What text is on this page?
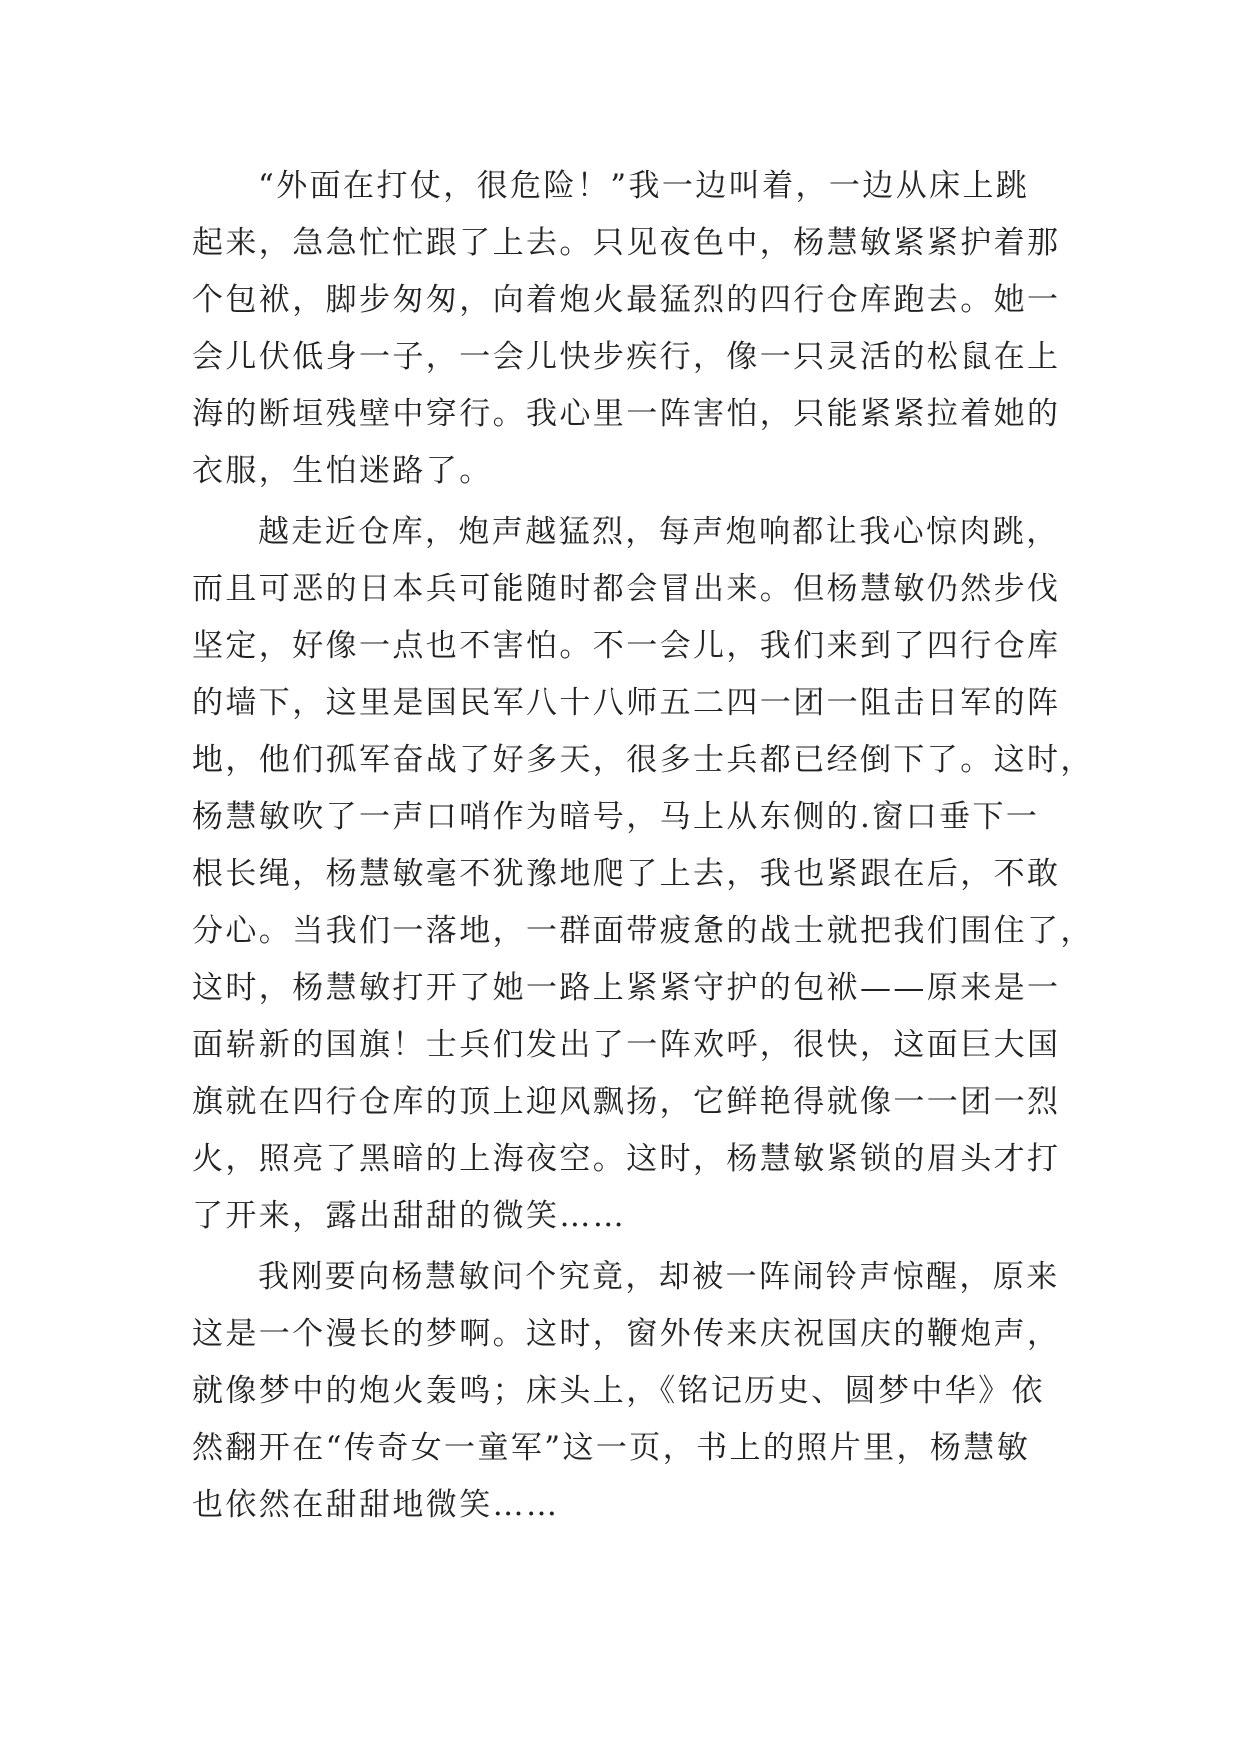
“外面在打仗，很危险！”我一边叫着，一边从床上跳
起来，急急忙忙跟了上去。只见夜色中，杨慧敏紧紧护着那
个包袱，脚步匆匆，向着炮火最猛烈的四行仓库跑去。她一
会儿伏低身一子，一会儿快步疾行，像一只灵活的松鼠在上
海的断垣残壁中穿行。我心里一阵害怕，只能紧紧拉着她的
衣服，生怕迷路了。
越走近仓库，炮声越猛烈，每声炮响都让我心惊肉跳，
而且可恶的日本兵可能随时都会冒出来。但杨慧敏仍然步伐
坚定，好像一点也不害怕。不一会儿，我们来到了四行仓库
的墙下，这里是国民军八十八师五二四一团一阻击日军的阵
地，他们孤军奋战了好多天，很多士兵都已经倒下了。这时，
杨慧敏吹了一声口哨作为暗号，马上从东侧的.窗口垂下一
根长绳，杨慧敏毫不犹豫地爬了上去，我也紧跟在后，不敢
分心。当我们一落地，一群面带疲惫的战士就把我们围住了，
这时，杨慧敏打开了她一路上紧紧守护的包袱——原来是一
面崭新的国旗！士兵们发出了一阵欢呼，很快，这面巨大国
旗就在四行仓库的顶上迎风飘扬，它鲜艳得就像一一团一烈
火，照亮了黑暗的上海夜空。这时，杨慧敏紧锁的眉头才打
了开来，露出甜甜的微笑……
我刚要向杨慧敏问个究竟，却被一阵闹铃声惊醒，原来
这是一个漫长的梦啊。这时，窗外传来庆祝国庆的鞭炮声，
就像梦中的炮火轰鸣；床头上，《铭记历史、圆梦中华》依
然翻开在“传奇女一童军”这一页，书上的照片里，杨慧敏
也依然在甜甜地微笑……
